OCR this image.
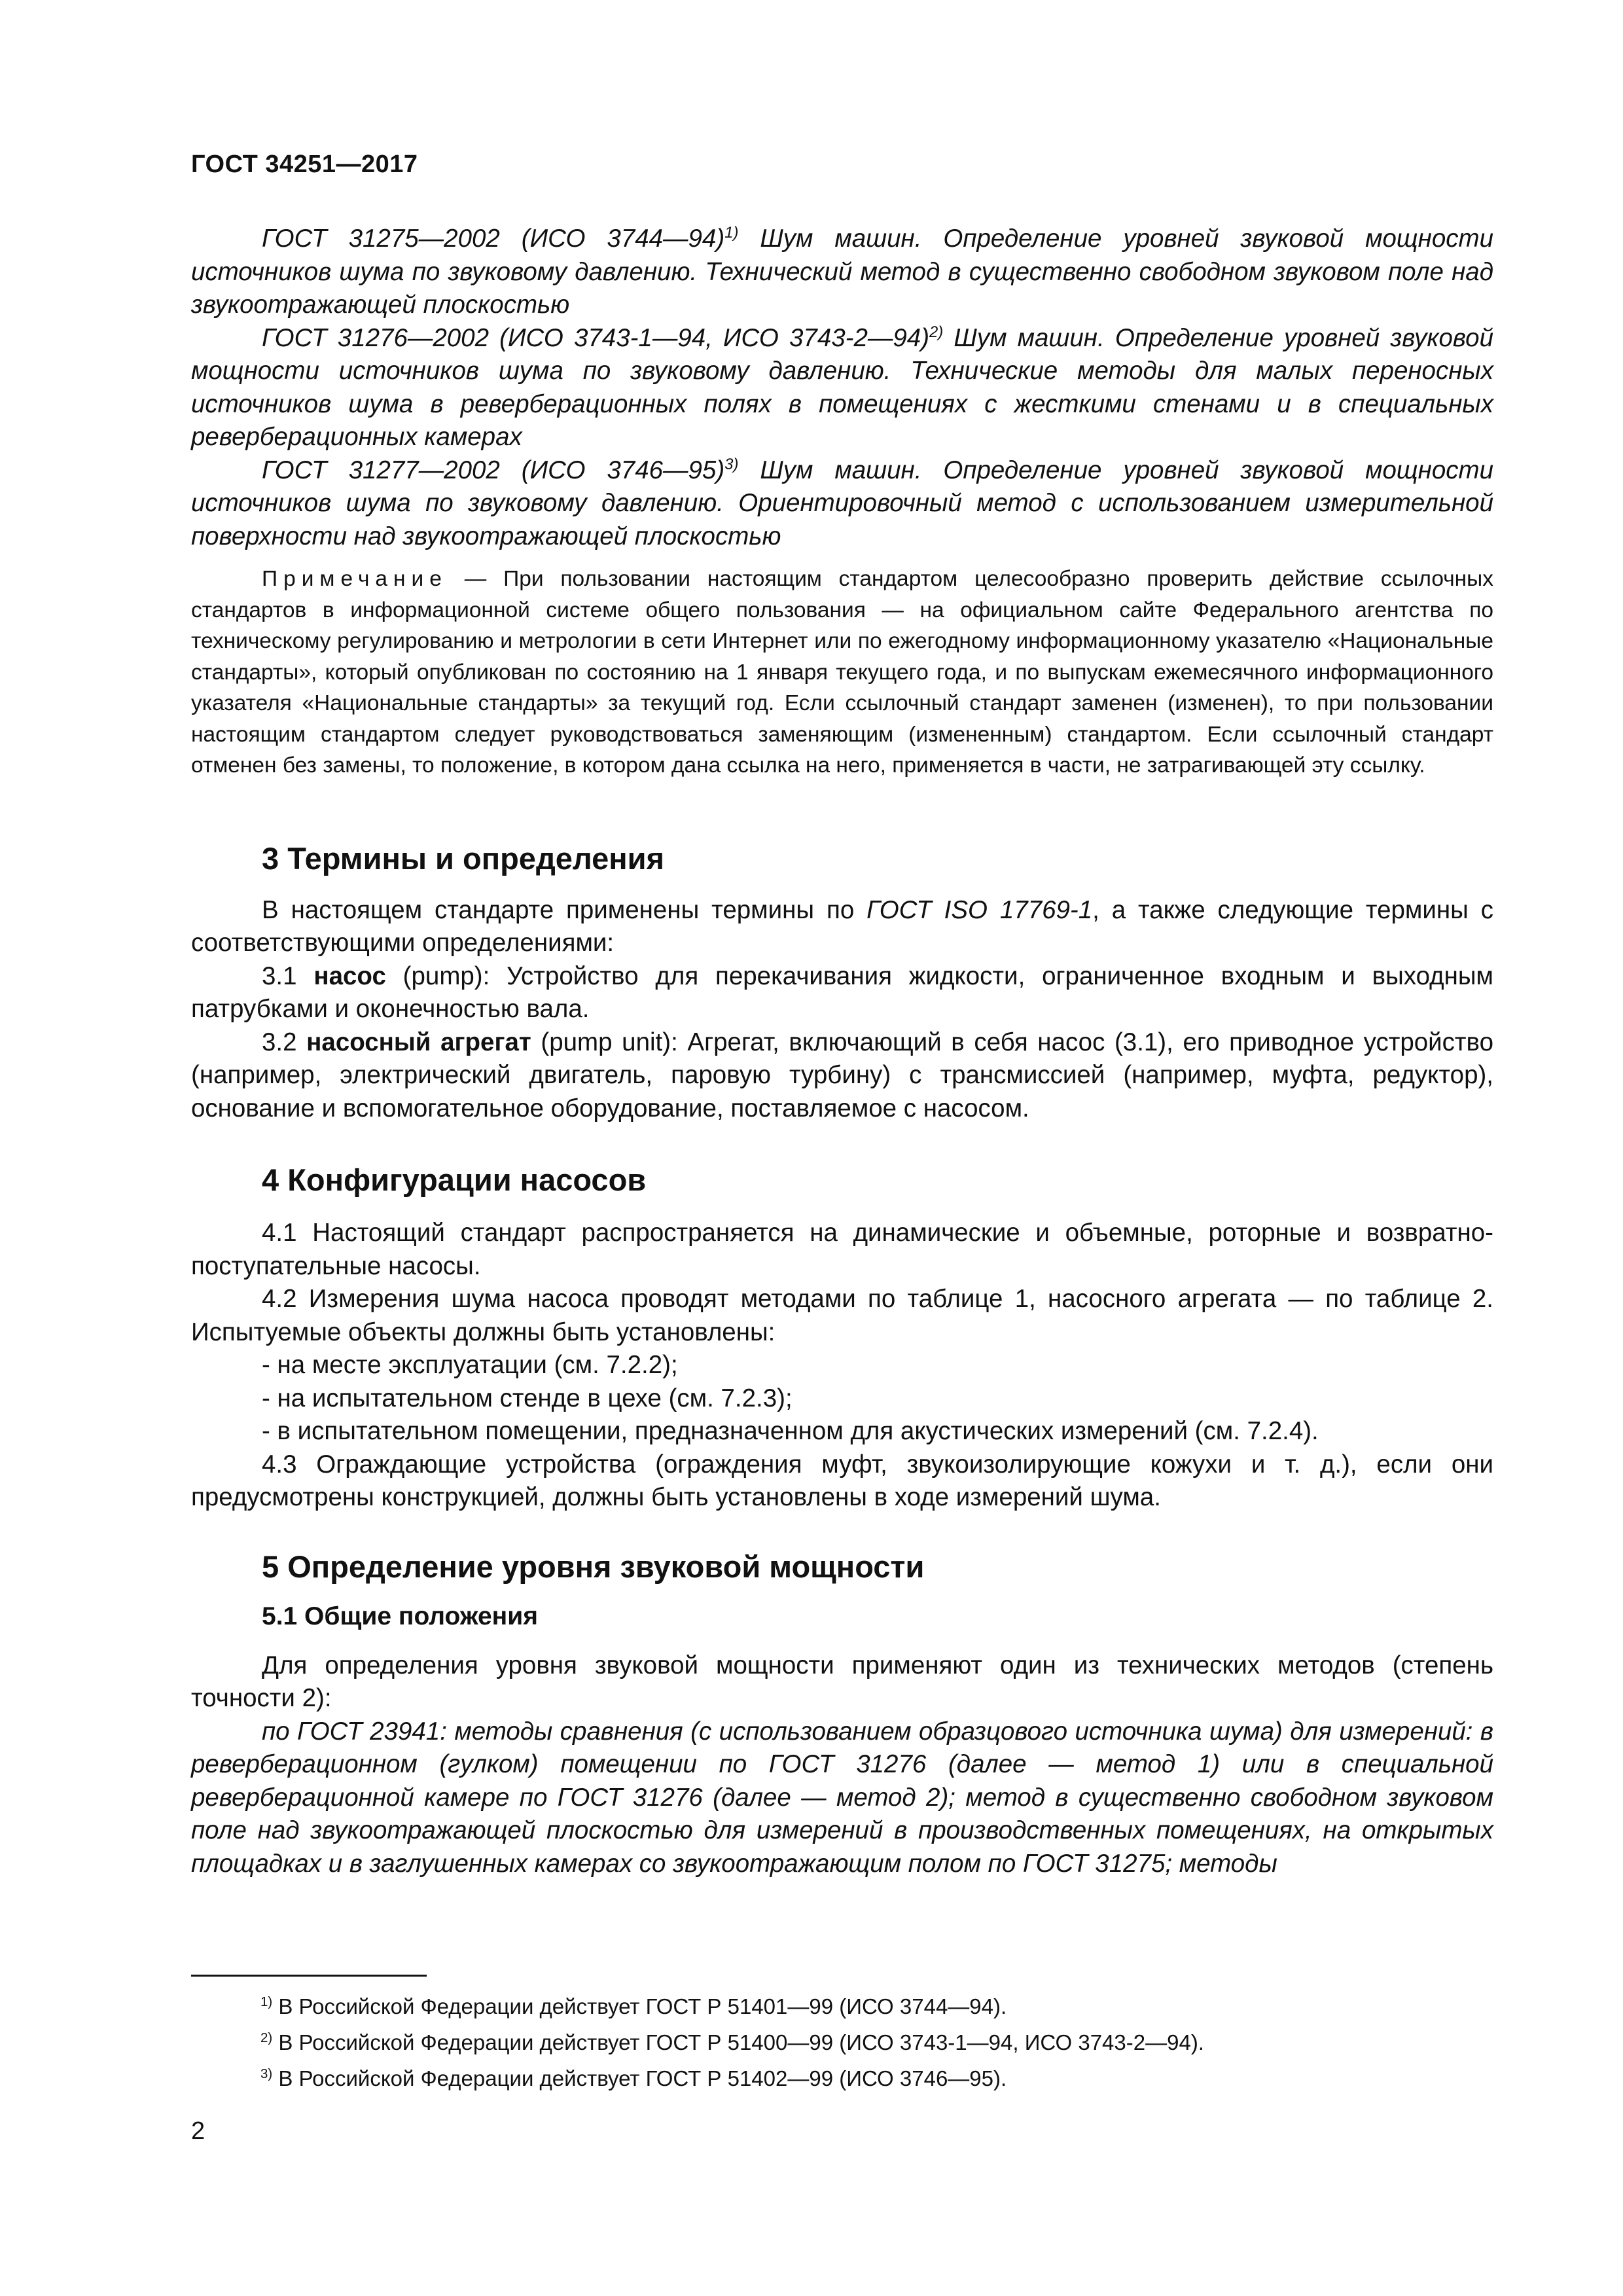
ГОСТ 34251—2017

ГОСТ 31275—2002 (ИСО 3744—94)$^{1)}$ Шум машин. Определение уровней звуковой мощности источников шума по звуковому давлению. Технический метод в существенно свободном звуковом поле над звукоотражающей плоскостью

ГОСТ 31276—2002 (ИСО 3743-1—94, ИСО 3743-2—94)$^{2)}$ Шум машин. Определение уровней звуковой мощности источников шума по звуковому давлению. Технические методы для малых переносных источников шума в реверберационных полях в помещениях с жесткими стенами и в специальных реверберационных камерах

ГОСТ 31277—2002 (ИСО 3746—95)$^{3)}$ Шум машин. Определение уровней звуковой мощности источников шума по звуковому давлению. Ориентировочный метод с использованием измерительной поверхности над звукоотражающей плоскостью

Примечание — При пользовании настоящим стандартом целесообразно проверить действие ссылочных стандартов в информационной системе общего пользования — на официальном сайте Федерального агентства по техническому регулированию и метрологии в сети Интернет или по ежегодному информационному указателю «Национальные стандарты», который опубликован по состоянию на 1 января текущего года, и по выпускам ежемесячного информационного указателя «Национальные стандарты» за текущий год. Если ссылочный стандарт заменен (изменен), то при пользовании настоящим стандартом следует руководствоваться заменяющим (измененным) стандартом. Если ссылочный стандарт отменен без замены, то положение, в котором дана ссылка на него, применяется в части, не затрагивающей эту ссылку.

3 Термины и определения

В настоящем стандарте применены термины по ГОСТ ISO 17769-1, а также следующие термины с соответствующими определениями:

3.1 насос (pump): Устройство для перекачивания жидкости, ограниченное входным и выходным патрубками и оконечностью вала.

3.2 насосный агрегат (pump unit): Агрегат, включающий в себя насос (3.1), его приводное устройство (например, электрический двигатель, паровую турбину) с трансмиссией (например, муфта, редуктор), основание и вспомогательное оборудование, поставляемое с насосом.

4 Конфигурации насосов

4.1 Настоящий стандарт распространяется на динамические и объемные, роторные и возвратно-поступательные насосы.

4.2 Измерения шума насоса проводят методами по таблице 1, насосного агрегата — по таблице 2. Испытуемые объекты должны быть установлены:

- на месте эксплуатации (см. 7.2.2);

- на испытательном стенде в цехе (см. 7.2.3);

- в испытательном помещении, предназначенном для акустических измерений (см. 7.2.4).

4.3 Ограждающие устройства (ограждения муфт, звукоизолирующие кожухи и т. д.), если они предусмотрены конструкцией, должны быть установлены в ходе измерений шума.

5 Определение уровня звуковой мощности
5.1 Общие положения

Для определения уровня звуковой мощности применяют один из технических методов (степень точности 2):

по ГОСТ 23941: методы сравнения (с использованием образцового источника шума) для измерений: в реверберационном (гулком) помещении по ГОСТ 31276 (далее — метод 1) или в специальной реверберационной камере по ГОСТ 31276 (далее — метод 2); метод в существенно свободном звуковом поле над звукоотражающей плоскостью для измерений в производственных помещениях, на открытых площадках и в заглушенных камерах со звукоотражающим полом по ГОСТ 31275; методы

$^{1)}$ В Российской Федерации действует ГОСТ Р 51401—99 (ИСО 3744—94).

$^{2)}$ В Российской Федерации действует ГОСТ Р 51400—99 (ИСО 3743-1—94, ИСО 3743-2—94).

$^{3)}$ В Российской Федерации действует ГОСТ Р 51402—99 (ИСО 3746—95).

2
